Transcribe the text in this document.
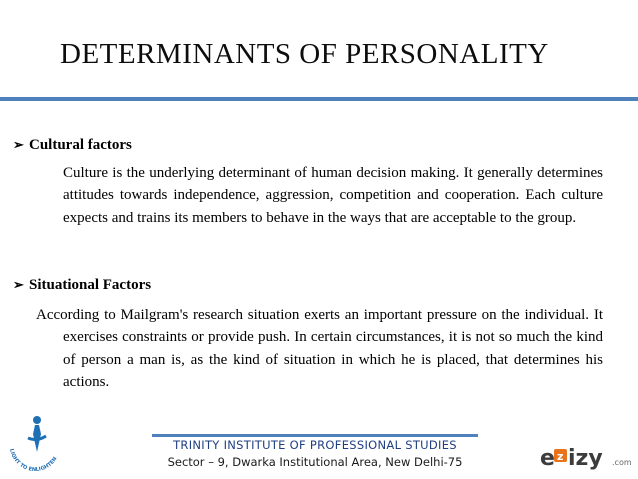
DETERMINANTS OF PERSONALITY
➢ Cultural factors

Culture is the underlying determinant of human decision making. It generally determines attitudes towards independence, aggression, competition and cooperation. Each culture expects and trains its members to behave in the ways that are acceptable to the group.

➢ Situational Factors

According to Mailgram's research situation exerts an important pressure on the individual. It exercises constraints or provide push. In certain circumstances, it is not so much the kind of person a man is, as the kind of situation in which he is placed, that determines his actions.

LIGHT TO ENLIGHTEN
TRINITY INSTITUTE OF PROFESSIONAL STUDIES
Sector – 9, Dwarka Institutional Area, New Delhi-75	e z izy .com
